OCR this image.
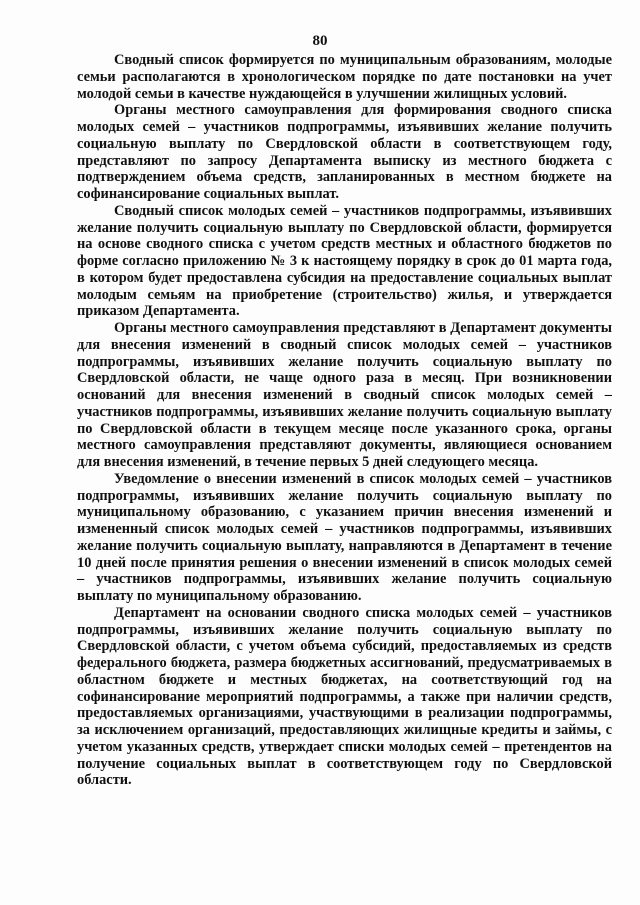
80

Сводный список формируется по муниципальным образованиям, молодые семьи располагаются в хронологическом порядке по дате постановки на учет молодой семьи в качестве нуждающейся в улучшении жилищных условий.

Органы местного самоуправления для формирования сводного списка молодых семей – участников подпрограммы, изъявивших желание получить социальную выплату по Свердловской области в соответствующем году, представляют по запросу Департамента выписку из местного бюджета с подтверждением объема средств, запланированных в местном бюджете на софинансирование социальных выплат.

Сводный список молодых семей – участников подпрограммы, изъявивших желание получить социальную выплату по Свердловской области, формируется на основе сводного списка с учетом средств местных и областного бюджетов по форме согласно приложению № 3 к настоящему порядку в срок до 01 марта года, в котором будет предоставлена субсидия на предоставление социальных выплат молодым семьям на приобретение (строительство) жилья, и утверждается приказом Департамента.

Органы местного самоуправления представляют в Департамент документы для внесения изменений в сводный список молодых семей – участников подпрограммы, изъявивших желание получить социальную выплату по Свердловской области, не чаще одного раза в месяц. При возникновении оснований для внесения изменений в сводный список молодых семей – участников подпрограммы, изъявивших желание получить социальную выплату по Свердловской области в текущем месяце после указанного срока, органы местного самоуправления представляют документы, являющиеся основанием для внесения изменений, в течение первых 5 дней следующего месяца.

Уведомление о внесении изменений в список молодых семей – участников подпрограммы, изъявивших желание получить социальную выплату по муниципальному образованию, с указанием причин внесения изменений и измененный список молодых семей – участников подпрограммы, изъявивших желание получить социальную выплату, направляются в Департамент в течение 10 дней после принятия решения о внесении изменений в список молодых семей – участников подпрограммы, изъявивших желание получить социальную выплату по муниципальному образованию.

Департамент на основании сводного списка молодых семей – участников подпрограммы, изъявивших желание получить социальную выплату по Свердловской области, с учетом объема субсидий, предоставляемых из средств федерального бюджета, размера бюджетных ассигнований, предусматриваемых в областном бюджете и местных бюджетах, на соответствующий год на софинансирование мероприятий подпрограммы, а также при наличии средств, предоставляемых организациями, участвующими в реализации подпрограммы, за исключением организаций, предоставляющих жилищные кредиты и займы, с учетом указанных средств, утверждает списки молодых семей – претендентов на получение социальных выплат в соответствующем году по Свердловской области.
